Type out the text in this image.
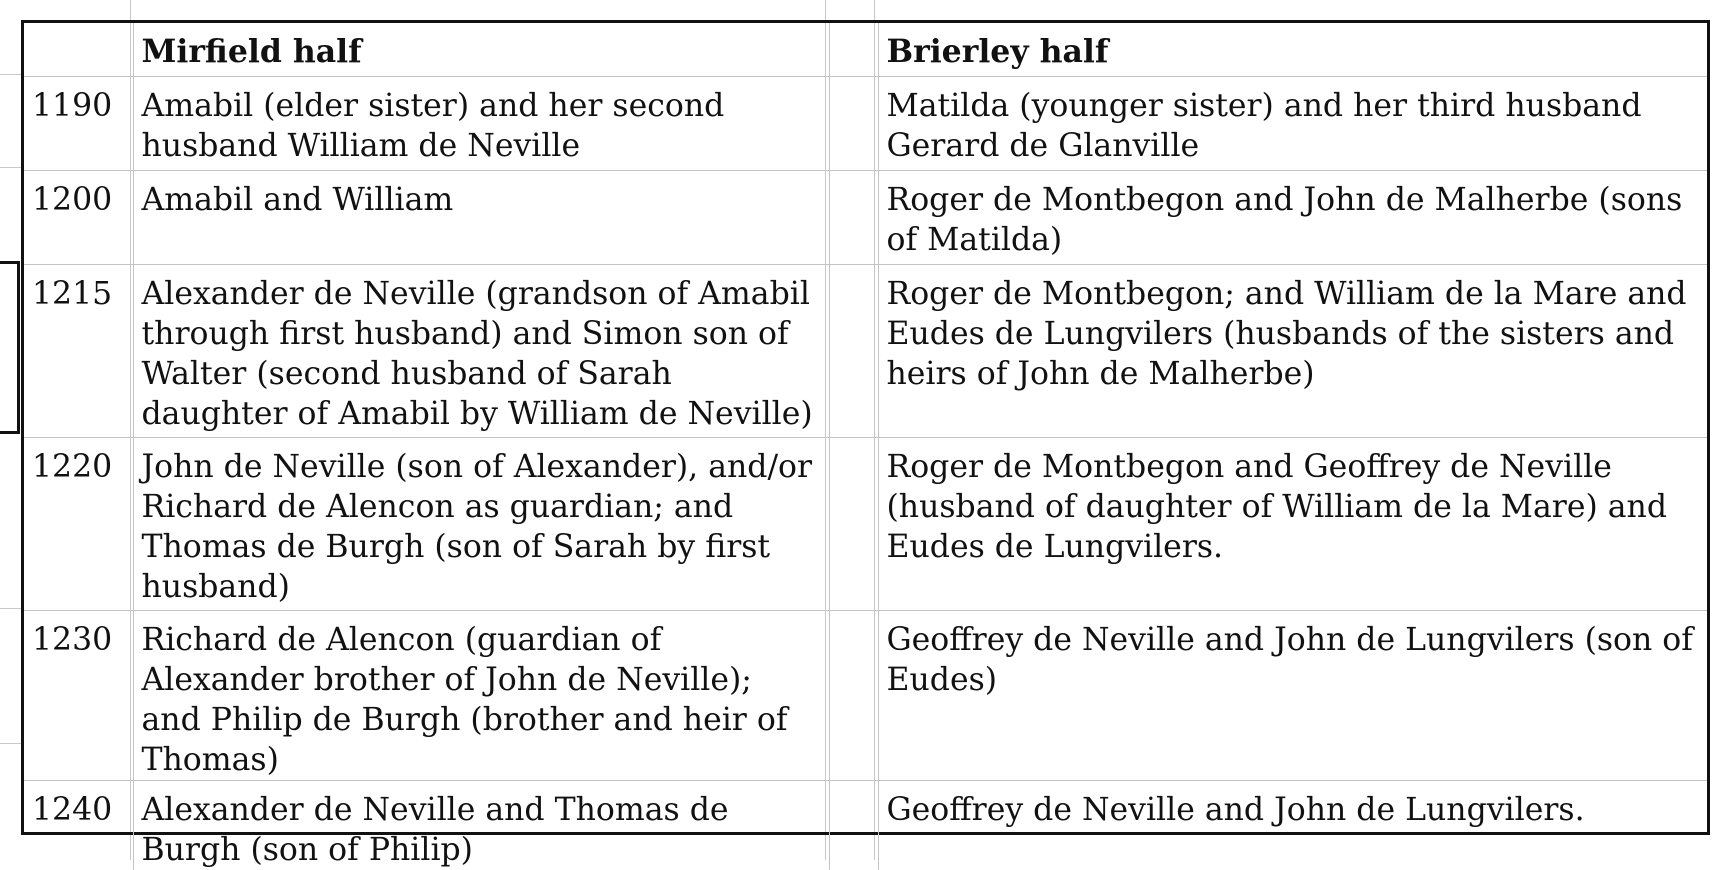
	Mirfield half		Brierley half
1190	Amabil (elder sister) and her second husband William de Neville		Matilda (younger sister) and her third husband Gerard de Glanville
1200	Amabil and William		Roger de Montbegon and John de Malherbe (sons of Matilda)
1215	Alexander de Neville (grandson of Amabil through first husband) and Simon son of Walter (second husband of Sarah daughter of Amabil by William de Neville)		Roger de Montbegon; and William de la Mare and Eudes de Lungvilers (husbands of the sisters and heirs of John de Malherbe)
1220	John de Neville (son of Alexander), and/or Richard de Alencon as guardian; and Thomas de Burgh (son of Sarah by first husband)		Roger de Montbegon and Geoffrey de Neville (husband of daughter of William de la Mare) and Eudes de Lungvilers.
1230	Richard de Alencon (guardian of Alexander brother of John de Neville); and Philip de Burgh (brother and heir of Thomas)		Geoffrey de Neville and John de Lungvilers (son of Eudes)
1240	Alexander de Neville and Thomas de Burgh (son of Philip)		Geoffrey de Neville and John de Lungvilers.
